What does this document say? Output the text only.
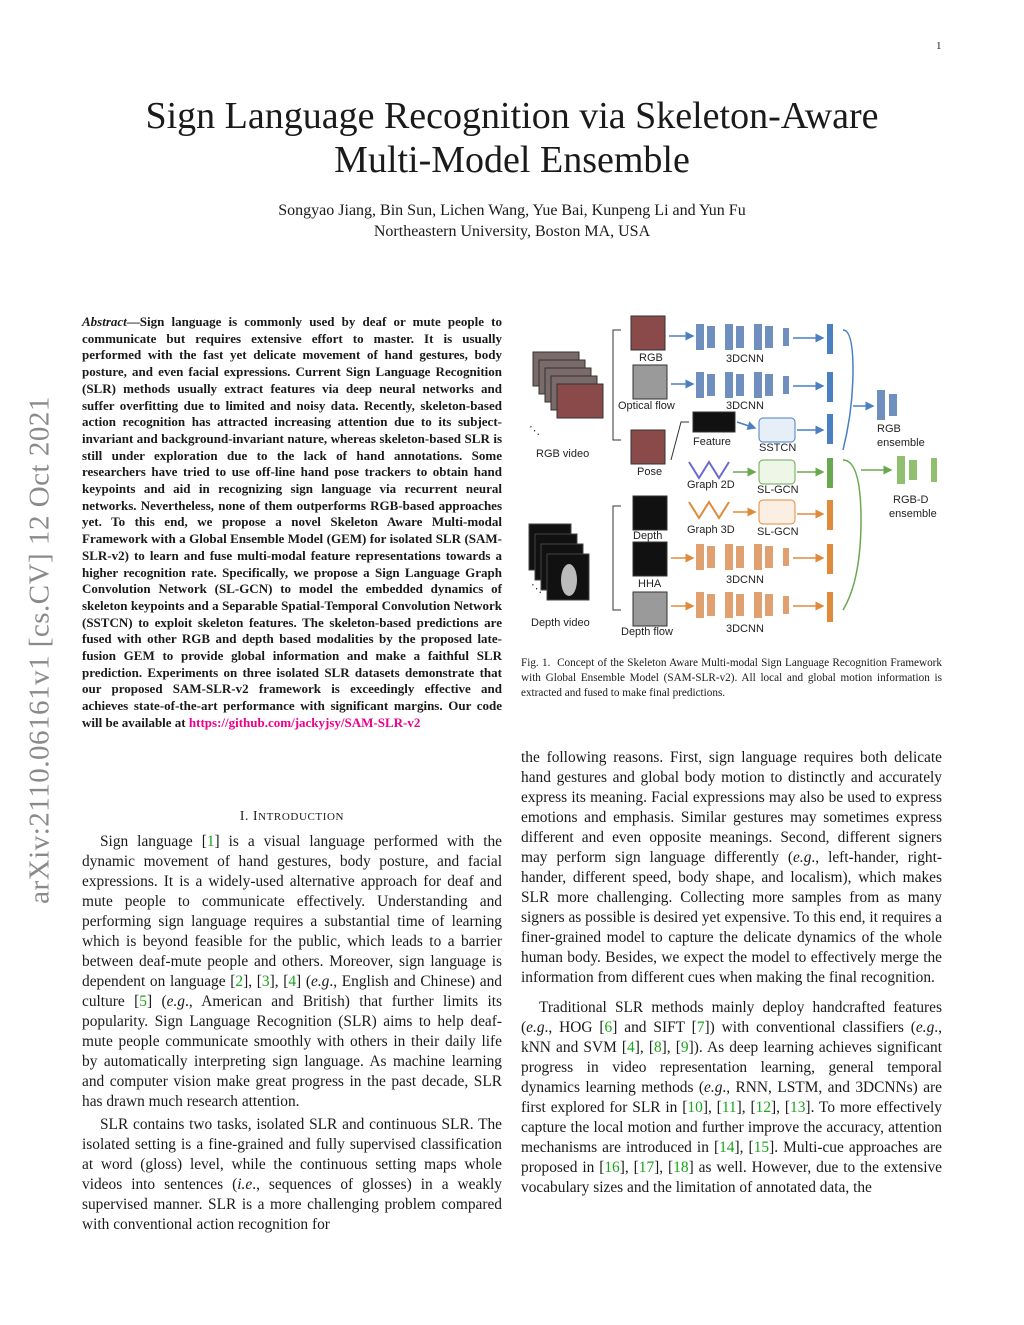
1
Sign Language Recognition via Skeleton-Aware
Multi-Model Ensemble
Songyao Jiang, Bin Sun, Lichen Wang, Yue Bai, Kunpeng Li and Yun Fu
Northeastern University, Boston MA, USA
arXiv:2110.06161v1 [cs.CV] 12 Oct 2021
Abstract—Sign language is commonly used by deaf or mute people to communicate but requires extensive effort to master. It is usually performed with the fast yet delicate movement of hand gestures, body posture, and even facial expressions. Current Sign Language Recognition (SLR) methods usually extract features via deep neural networks and suffer overfitting due to limited and noisy data. Recently, skeleton-based action recognition has attracted increasing attention due to its subject-invariant and background-invariant nature, whereas skeleton-based SLR is still under exploration due to the lack of hand annotations. Some researchers have tried to use off-line hand pose trackers to obtain hand keypoints and aid in recognizing sign language via recurrent neural networks. Nevertheless, none of them outperforms RGB-based approaches yet. To this end, we propose a novel Skeleton Aware Multi-modal Framework with a Global Ensemble Model (GEM) for isolated SLR (SAM-SLR-v2) to learn and fuse multi-modal feature representations towards a higher recognition rate. Specifically, we propose a Sign Language Graph Convolution Network (SL-GCN) to model the embedded dynamics of skeleton keypoints and a Separable Spatial-Temporal Convolution Network (SSTCN) to exploit skeleton features. The skeleton-based predictions are fused with other RGB and depth based modalities by the proposed late-fusion GEM to provide global information and make a faithful SLR prediction. Experiments on three isolated SLR datasets demonstrate that our proposed SAM-SLR-v2 framework is exceedingly effective and achieves state-of-the-art performance with significant margins. Our code will be available at https://github.com/jackyjsy/SAM-SLR-v2
I. INTRODUCTION

Sign language [1] is a visual language performed with the dynamic movement of hand gestures, body posture, and facial expressions. It is a widely-used alternative approach for deaf and mute people to communicate effectively. Understanding and performing sign language requires a substantial time of learning which is beyond feasible for the public, which leads to a barrier between deaf-mute people and others. Moreover, sign language is dependent on language [2], [3], [4] (e.g., English and Chinese) and culture [5] (e.g., American and British) that further limits its popularity. Sign Language Recognition (SLR) aims to help deaf-mute people communicate smoothly with others in their daily life by automatically interpreting sign language. As machine learning and computer vision make great progress in the past decade, SLR has drawn much research attention.

SLR contains two tasks, isolated SLR and continuous SLR. The isolated setting is a fine-grained and fully supervised classification at word (gloss) level, while the continuous setting maps whole videos into sentences (i.e., sequences of glosses) in a weakly supervised manner. SLR is a more challenging problem compared with conventional action recognition for

⋱
RGB video
⋱
Depth video
RGB
Optical flow
Pose
Depth
HHA
Depth flow
Feature
Graph 2D
Graph 3D
3DCNN
3DCNN
SSTCN
SL-GCN
SL-GCN
3DCNN
3DCNN
RGB
ensemble
RGB-D
ensemble
Fig. 1. Concept of the Skeleton Aware Multi-modal Sign Language Recognition Framework with Global Ensemble Model (SAM-SLR-v2). All local and global motion information is extracted and fused to make final predictions.

the following reasons. First, sign language requires both delicate hand gestures and global body motion to distinctly and accurately express its meaning. Facial expressions may also be used to express emotions and emphasis. Similar gestures may sometimes express different and even opposite meanings. Second, different signers may perform sign language differently (e.g., left-hander, right-hander, different speed, body shape, and localism), which makes SLR more challenging. Collecting more samples from as many signers as possible is desired yet expensive. To this end, it requires a finer-grained model to capture the delicate dynamics of the whole human body. Besides, we expect the model to effectively merge the information from different cues when making the final recognition.

Traditional SLR methods mainly deploy handcrafted features (e.g., HOG [6] and SIFT [7]) with conventional classifiers (e.g., kNN and SVM [4], [8], [9]). As deep learning achieves significant progress in video representation learning, general temporal dynamics learning methods (e.g., RNN, LSTM, and 3DCNNs) are first explored for SLR in [10], [11], [12], [13]. To more effectively capture the local motion and further improve the accuracy, attention mechanisms are introduced in [14], [15]. Multi-cue approaches are proposed in [16], [17], [18] as well. However, due to the extensive vocabulary sizes and the limitation of annotated data, the
